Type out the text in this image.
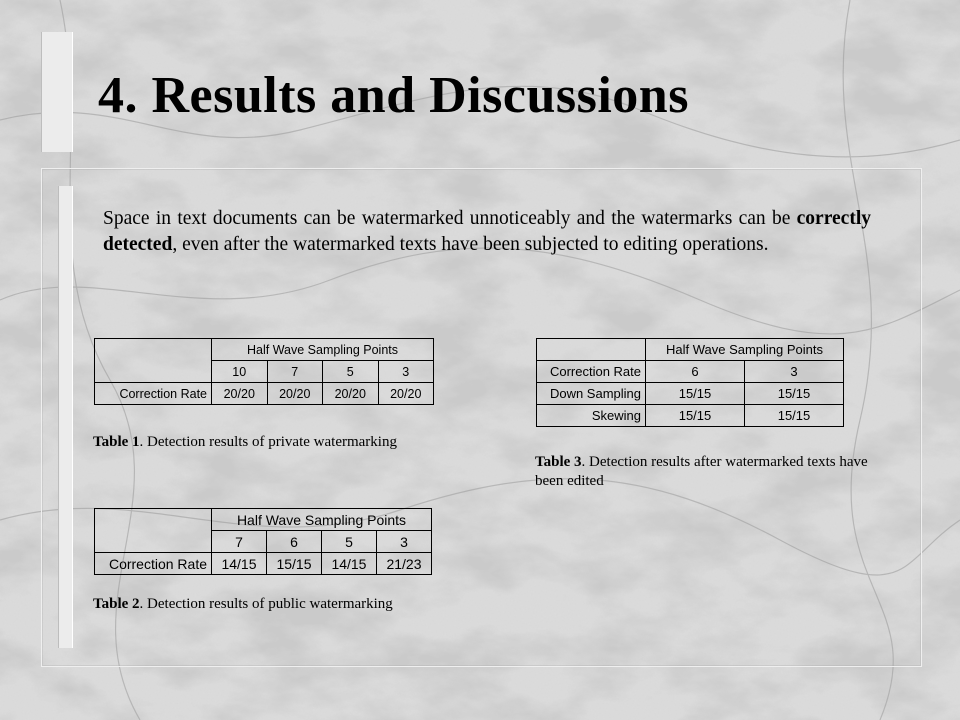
4. Results and Discussions

Space in text documents can be watermarked unnoticeably and the watermarks can be correctly detected, even after the watermarked texts have been subjected to editing operations.

	Half Wave Sampling Points			
	10	7	5	3
Correction Rate	20/20	20/20	20/20	20/20

Table 1. Detection results of private watermarking

	Half Wave Sampling Points			
	7	6	5	3
Correction Rate	14/15	15/15	14/15	21/23

Table 2. Detection results of public watermarking

	Half Wave Sampling Points	
Correction Rate	6	3
Down Sampling	15/15	15/15
Skewing	15/15	15/15

Table 3. Detection results after watermarked texts have been edited
